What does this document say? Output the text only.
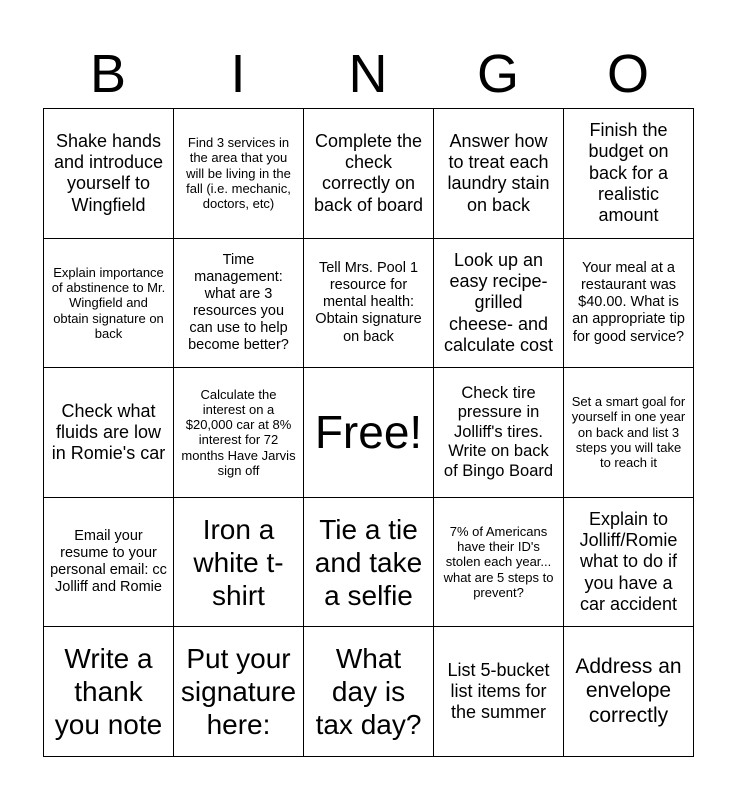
B	I	N	G	O
Shake hands and introduce yourself to Wingfield	Find 3 services in the area that you will be living in the fall (i.e. mechanic, doctors, etc)	Complete the check correctly on back of board	Answer how to treat each laundry stain on back	Finish the budget on back for a realistic amount
Explain importance of abstinence to Mr. Wingfield and obtain signature on back	Time management: what are 3 resources you can use to help become better?	Tell Mrs. Pool 1 resource for mental health: Obtain signature on back	Look up an easy recipe- grilled cheese- and calculate cost	Your meal at a restaurant was $40.00. What is an appropriate tip for good service?
Check what fluids are low in Romie's car	Calculate the interest on a $20,000 car at 8% interest for 72 months Have Jarvis sign off	Free!	Check tire pressure in Jolliff's tires. Write on back of Bingo Board	Set a smart goal for yourself in one year on back and list 3 steps you will take to reach it
Email your resume to your personal email: cc Jolliff and Romie	Iron a white t-shirt	Tie a tie and take a selfie	7% of Americans have their ID's stolen each year... what are 5 steps to prevent?	Explain to Jolliff/Romie what to do if you have a car accident
Write a thank you note	Put your signature here:	What day is tax day?	List 5-bucket list items for the summer	Address an envelope correctly
